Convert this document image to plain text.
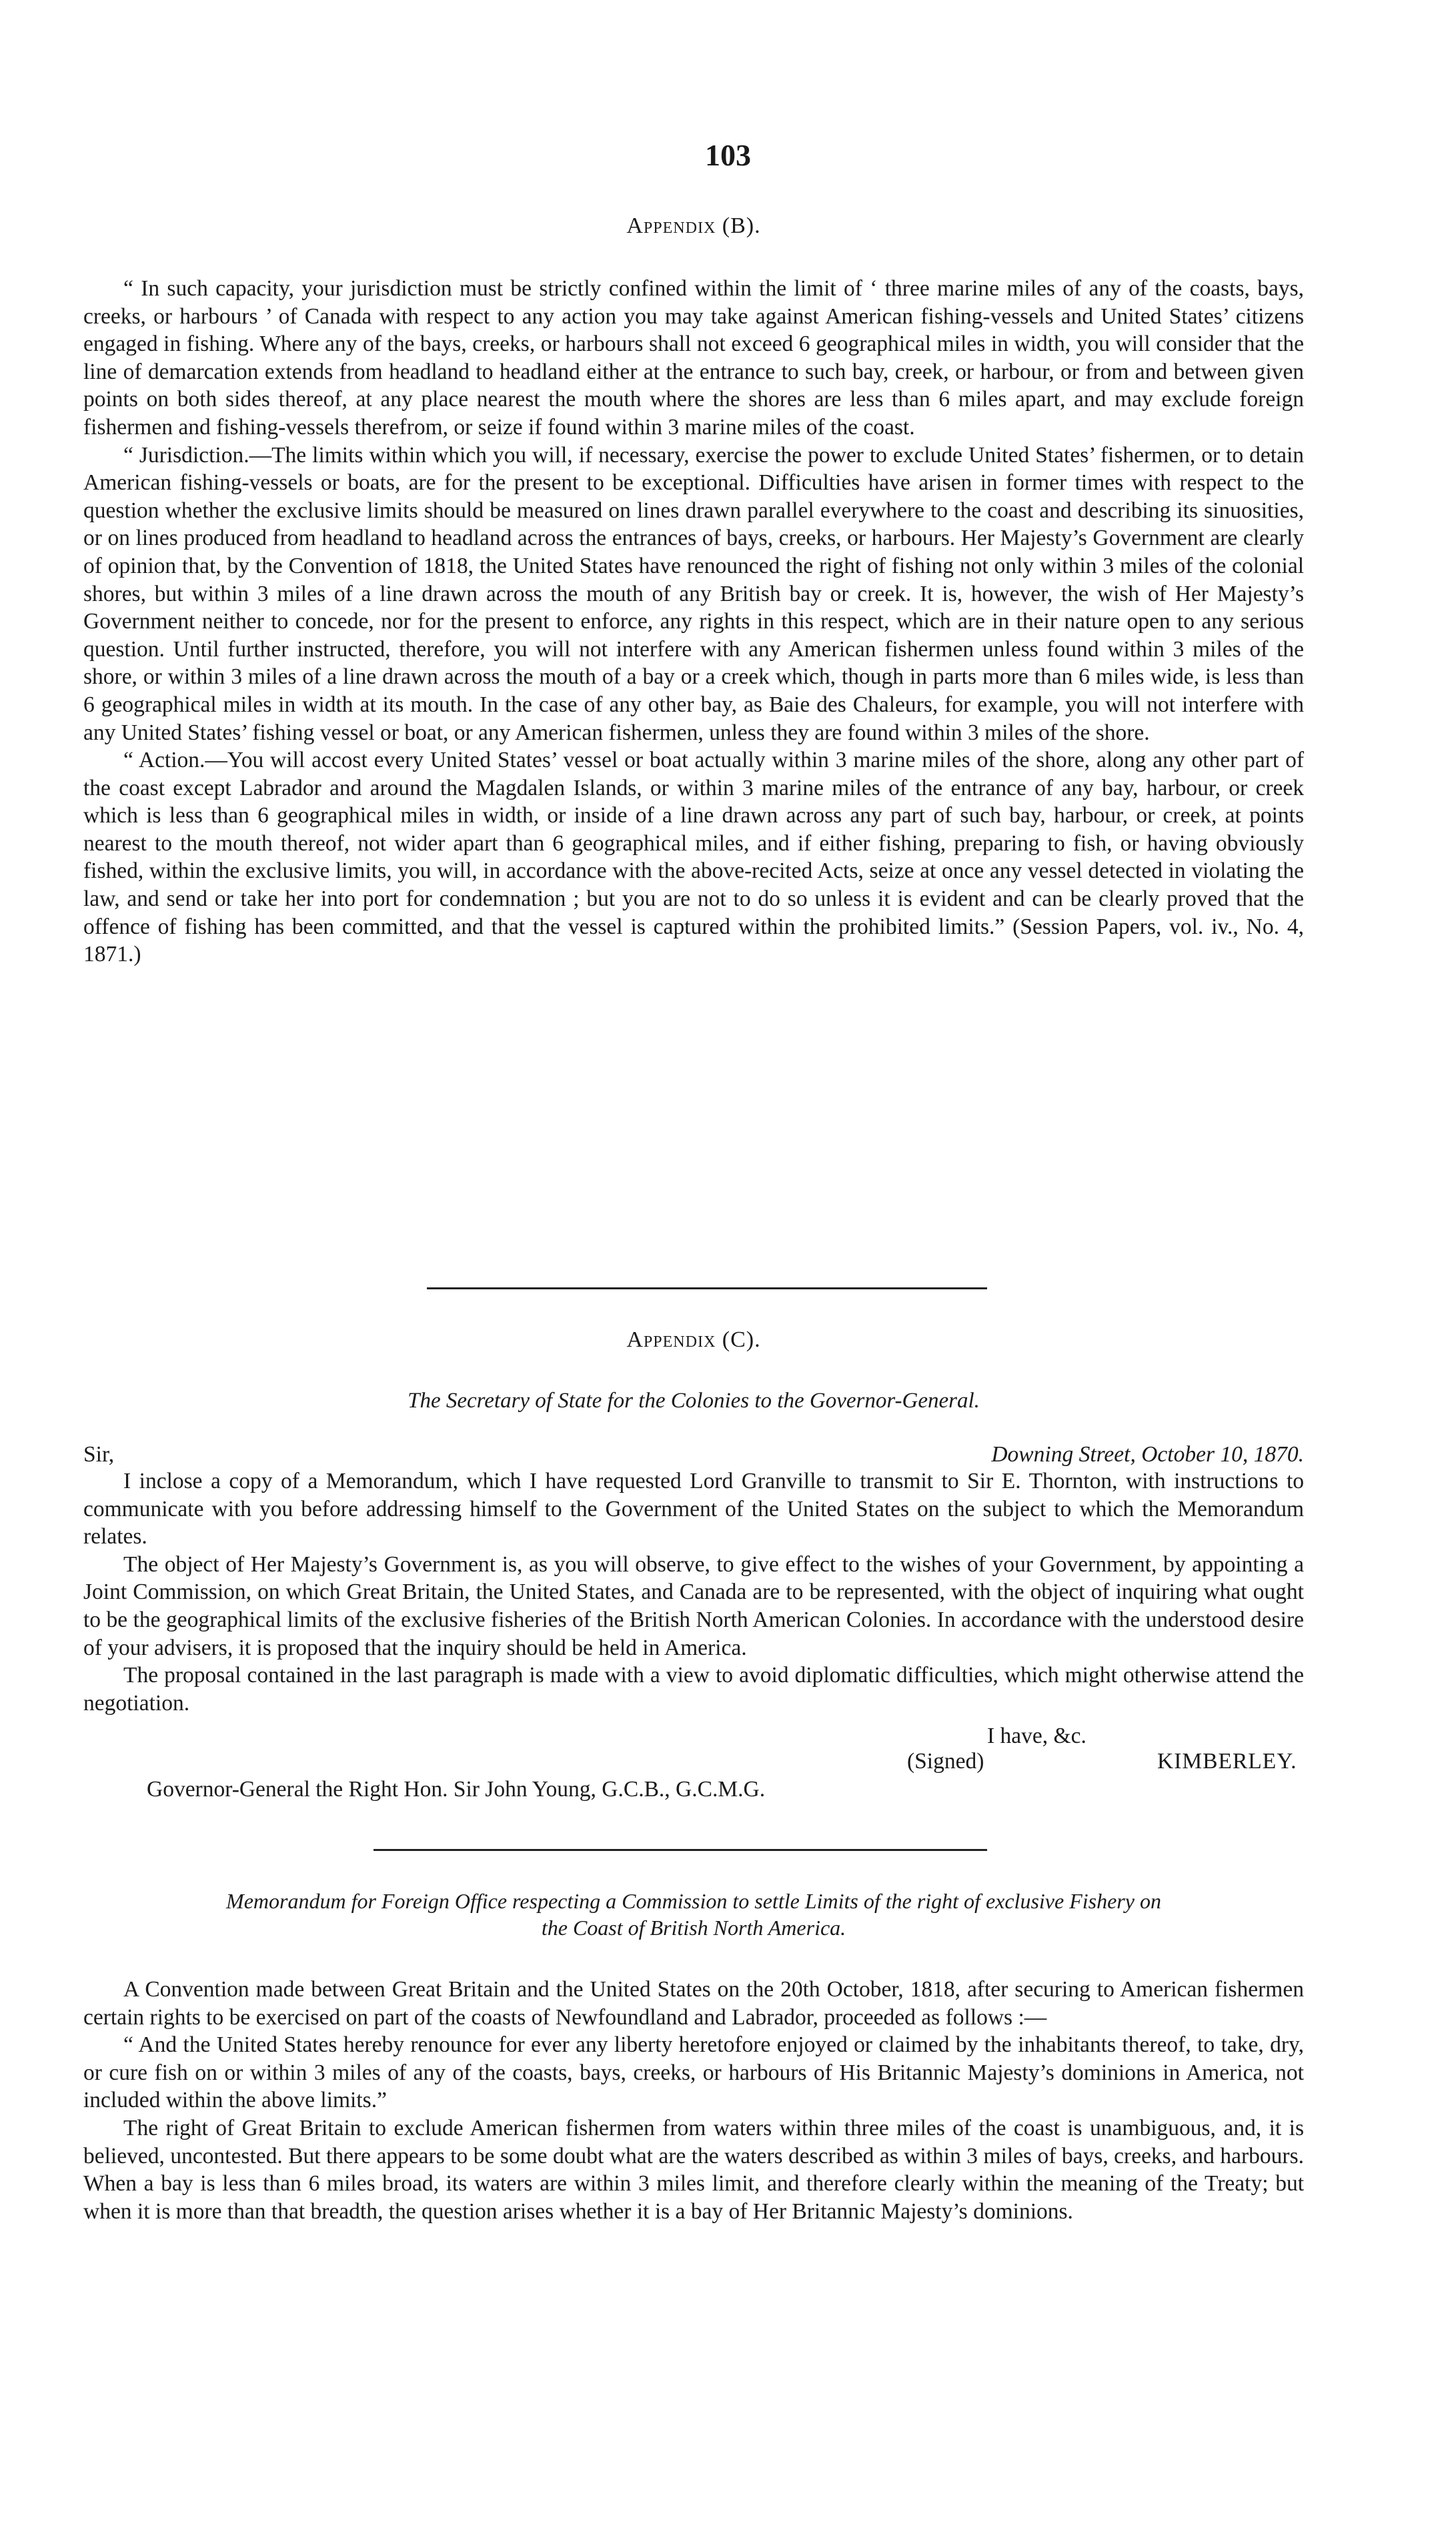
103

Appendix (B).

“ In such capacity, your jurisdiction must be strictly confined within the limit of ‘ three marine miles of any of the coasts, bays, creeks, or harbours ’ of Canada with respect to any action you may take against American fishing-vessels and United States’ citizens engaged in fishing. Where any of the bays, creeks, or harbours shall not exceed 6 geographical miles in width, you will consider that the line of demarcation extends from headland to headland either at the entrance to such bay, creek, or harbour, or from and between given points on both sides thereof, at any place nearest the mouth where the shores are less than 6 miles apart, and may exclude foreign fishermen and fishing-vessels therefrom, or seize if found within 3 marine miles of the coast.

“ Jurisdiction.—The limits within which you will, if necessary, exercise the power to exclude United States’ fishermen, or to detain American fishing-vessels or boats, are for the present to be exceptional. Difficulties have arisen in former times with respect to the question whether the exclusive limits should be measured on lines drawn parallel everywhere to the coast and describing its sinuosities, or on lines produced from headland to headland across the entrances of bays, creeks, or harbours. Her Majesty’s Government are clearly of opinion that, by the Convention of 1818, the United States have renounced the right of fishing not only within 3 miles of the colonial shores, but within 3 miles of a line drawn across the mouth of any British bay or creek. It is, however, the wish of Her Majesty’s Government neither to concede, nor for the present to enforce, any rights in this respect, which are in their nature open to any serious question. Until further instructed, therefore, you will not interfere with any American fishermen unless found within 3 miles of the shore, or within 3 miles of a line drawn across the mouth of a bay or a creek which, though in parts more than 6 miles wide, is less than 6 geographical miles in width at its mouth. In the case of any other bay, as Baie des Chaleurs, for example, you will not interfere with any United States’ fishing vessel or boat, or any American fishermen, unless they are found within 3 miles of the shore.

“ Action.—You will accost every United States’ vessel or boat actually within 3 marine miles of the shore, along any other part of the coast except Labrador and around the Magdalen Islands, or within 3 marine miles of the entrance of any bay, harbour, or creek which is less than 6 geographical miles in width, or inside of a line drawn across any part of such bay, harbour, or creek, at points nearest to the mouth thereof, not wider apart than 6 geographical miles, and if either fishing, preparing to fish, or having obviously fished, within the exclusive limits, you will, in accordance with the above-recited Acts, seize at once any vessel detected in violating the law, and send or take her into port for condemnation ; but you are not to do so unless it is evident and can be clearly proved that the offence of fishing has been committed, and that the vessel is captured within the prohibited limits.” (Session Papers, vol. iv., No. 4, 1871.)

Appendix (C).

The Secretary of State for the Colonies to the Governor-General.

Sir,	Downing Street, October 10, 1870.

I inclose a copy of a Memorandum, which I have requested Lord Granville to transmit to Sir E. Thornton, with instructions to communicate with you before addressing himself to the Government of the United States on the subject to which the Memorandum relates.

The object of Her Majesty’s Government is, as you will observe, to give effect to the wishes of your Government, by appointing a Joint Commission, on which Great Britain, the United States, and Canada are to be represented, with the object of inquiring what ought to be the geographical limits of the exclusive fisheries of the British North American Colonies. In accordance with the understood desire of your advisers, it is proposed that the inquiry should be held in America.

The proposal contained in the last paragraph is made with a view to avoid diplomatic difficulties, which might otherwise attend the negotiation.

I have, &c.
(Signed)	KIMBERLEY.
Governor-General the Right Hon. Sir John Young, G.C.B., G.C.M.G.

Memorandum for Foreign Office respecting a Commission to settle Limits of the right of exclusive Fishery on

the Coast of British North America.

A Convention made between Great Britain and the United States on the 20th October, 1818, after securing to American fishermen certain rights to be exercised on part of the coasts of Newfoundland and Labrador, proceeded as follows :—

“ And the United States hereby renounce for ever any liberty heretofore enjoyed or claimed by the inhabitants thereof, to take, dry, or cure fish on or within 3 miles of any of the coasts, bays, creeks, or harbours of His Britannic Majesty’s dominions in America, not included within the above limits.”

The right of Great Britain to exclude American fishermen from waters within three miles of the coast is unambiguous, and, it is believed, uncontested. But there appears to be some doubt what are the waters described as within 3 miles of bays, creeks, and harbours. When a bay is less than 6 miles broad, its waters are within 3 miles limit, and therefore clearly within the meaning of the Treaty; but when it is more than that breadth, the question arises whether it is a bay of Her Britannic Majesty’s dominions.
